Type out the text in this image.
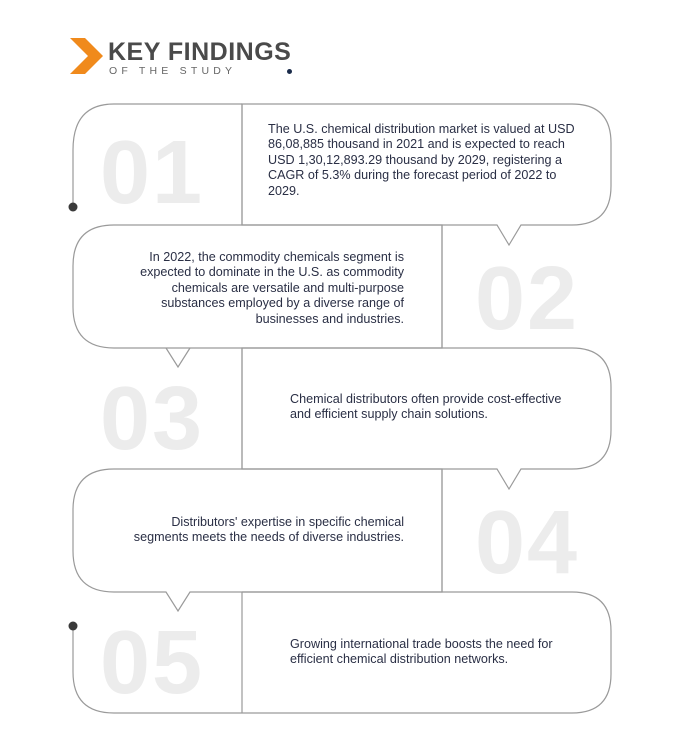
KEY FINDINGS
OF THE STUDY
01	The U.S. chemical distribution market is valued at USD 86,08,885 thousand in 2021 and is expected to reach USD 1,30,12,893.29 thousand by 2029, registering a CAGR of 5.3% during the forecast period of 2022 to 2029.
02
In 2022, the commodity chemicals segment is expected to dominate in the U.S. as commodity chemicals are versatile and multi-purpose substances employed by a diverse range of businesses and industries.
03	Chemical distributors often provide cost-effective and efficient supply chain solutions.
04
Distributors' expertise in specific chemical segments meets the needs of diverse industries.
05	Growing international trade boosts the need for efficient chemical distribution networks.
